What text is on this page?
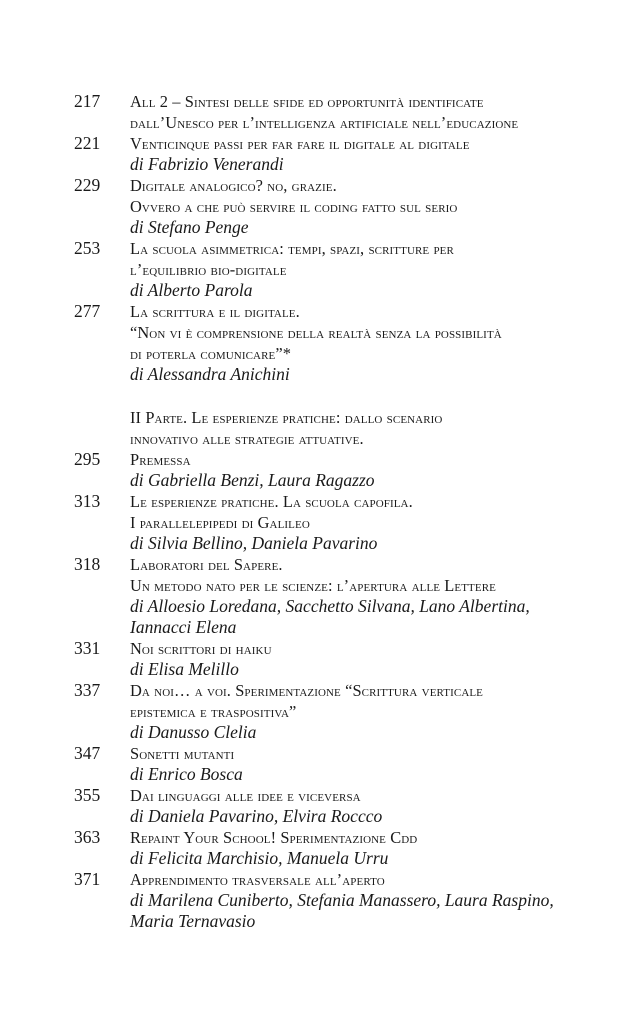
217	All 2 – Sintesi delle sfide ed opportunità identificate
dall’Unesco per l’intelligenza artificiale nell’educazione
221	Venticinque passi per far fare il digitale al digitale
di Fabrizio Venerandi
229	Digitale analogico? no, grazie.
Ovvero a che può servire il coding fatto sul serio
di Stefano Penge
253	La scuola asimmetrica: tempi, spazi, scritture per
l’equilibrio bio-digitale
di Alberto Parola
277	La scrittura e il digitale.
“Non vi è comprensione della realtà senza la possibilità
di poterla comunicare”*
di Alessandra Anichini
II Parte. Le esperienze pratiche: dallo scenario
innovativo alle strategie attuative.
295	Premessa
di Gabriella Benzi, Laura Ragazzo
313	Le esperienze pratiche. La scuola capofila.
I parallelepipedi di Galileo
di Silvia Bellino, Daniela Pavarino
318	Laboratori del Sapere.
Un metodo nato per le scienze: l’apertura alle Lettere
di Alloesio Loredana, Sacchetto Silvana, Lano Albertina,
Iannacci Elena
331	Noi scrittori di haiku
di Elisa Melillo
337	Da noi… a voi. Sperimentazione “Scrittura verticale
epistemica e traspositiva”
di Danusso Clelia
347	Sonetti mutanti
di Enrico Bosca
355	Dai linguaggi alle idee e viceversa
di Daniela Pavarino, Elvira Roccco
363	Repaint Your School! Sperimentazione Cdd
di Felicita Marchisio, Manuela Urru
371	Apprendimento trasversale all’aperto
di Marilena Cuniberto, Stefania Manassero, Laura Raspino,
Maria Ternavasio
